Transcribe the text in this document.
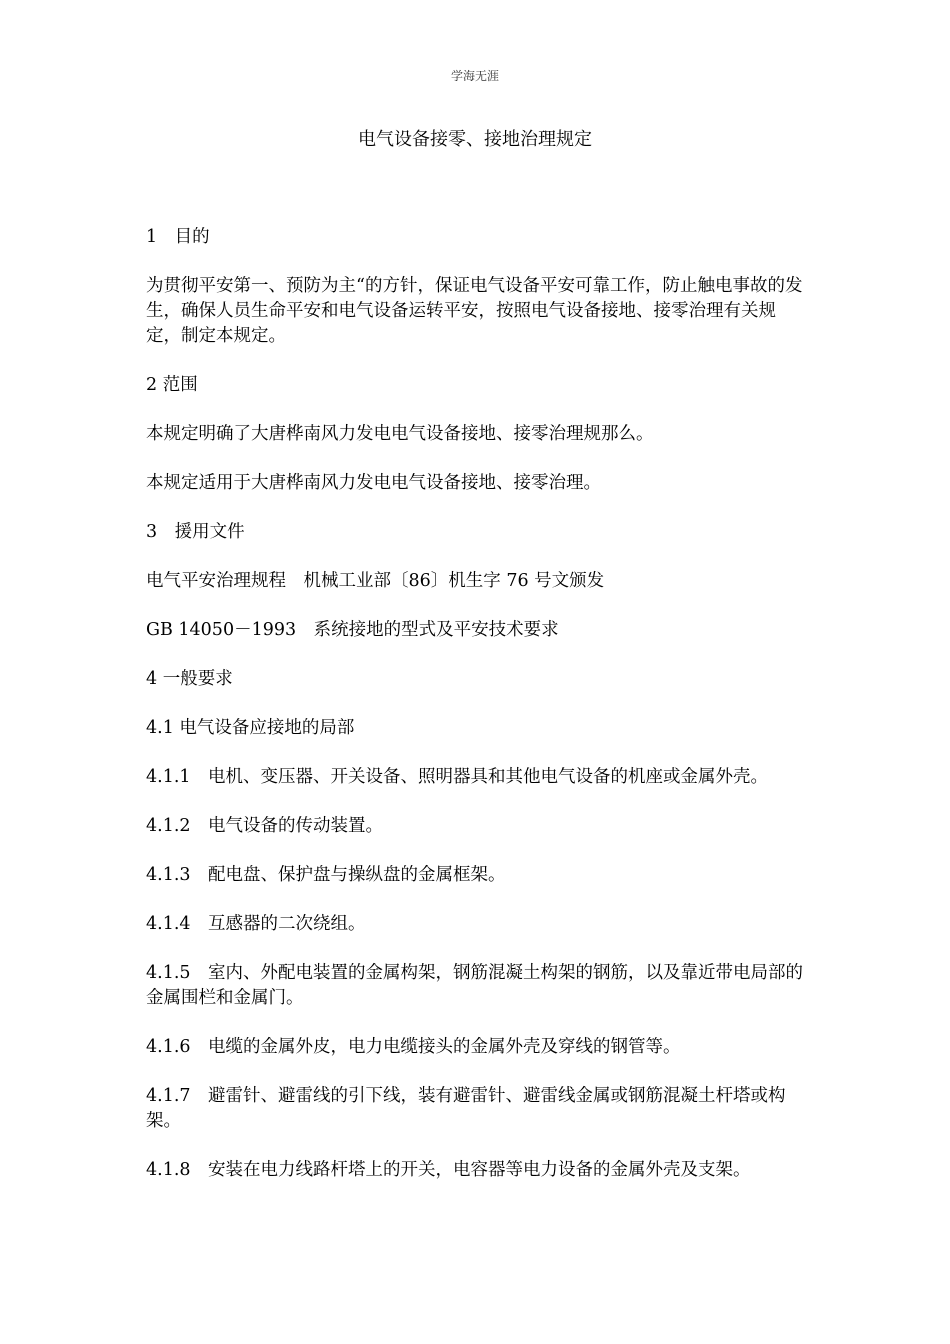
学海无涯
电气设备接零、接地治理规定

1　目的

为贯彻平安第一、预防为主“的方针，保证电气设备平安可靠工作，防止触电事故的发生，确保人员生命平安和电气设备运转平安，按照电气设备接地、接零治理有关规定，制定本规定。

2 范围

本规定明确了大唐桦南风力发电电气设备接地、接零治理规那么。

本规定适用于大唐桦南风力发电电气设备接地、接零治理。

3　援用文件

电气平安治理规程　机械工业部〔86〕机生字 76 号文颁发

GB 14050－1993　系统接地的型式及平安技术要求

4 一般要求

4.1 电气设备应接地的局部

4.1.1　电机、变压器、开关设备、照明器具和其他电气设备的机座或金属外壳。

4.1.2　电气设备的传动装置。

4.1.3　配电盘、保护盘与操纵盘的金属框架。

4.1.4　互感器的二次绕组。

4.1.5　室内、外配电装置的金属构架，钢筋混凝土构架的钢筋，以及靠近带电局部的金属围栏和金属门。

4.1.6　电缆的金属外皮，电力电缆接头的金属外壳及穿线的钢管等。

4.1.7　避雷针、避雷线的引下线，装有避雷针、避雷线金属或钢筋混凝土杆塔或构架。

4.1.8　安装在电力线路杆塔上的开关，电容器等电力设备的金属外壳及支架。
